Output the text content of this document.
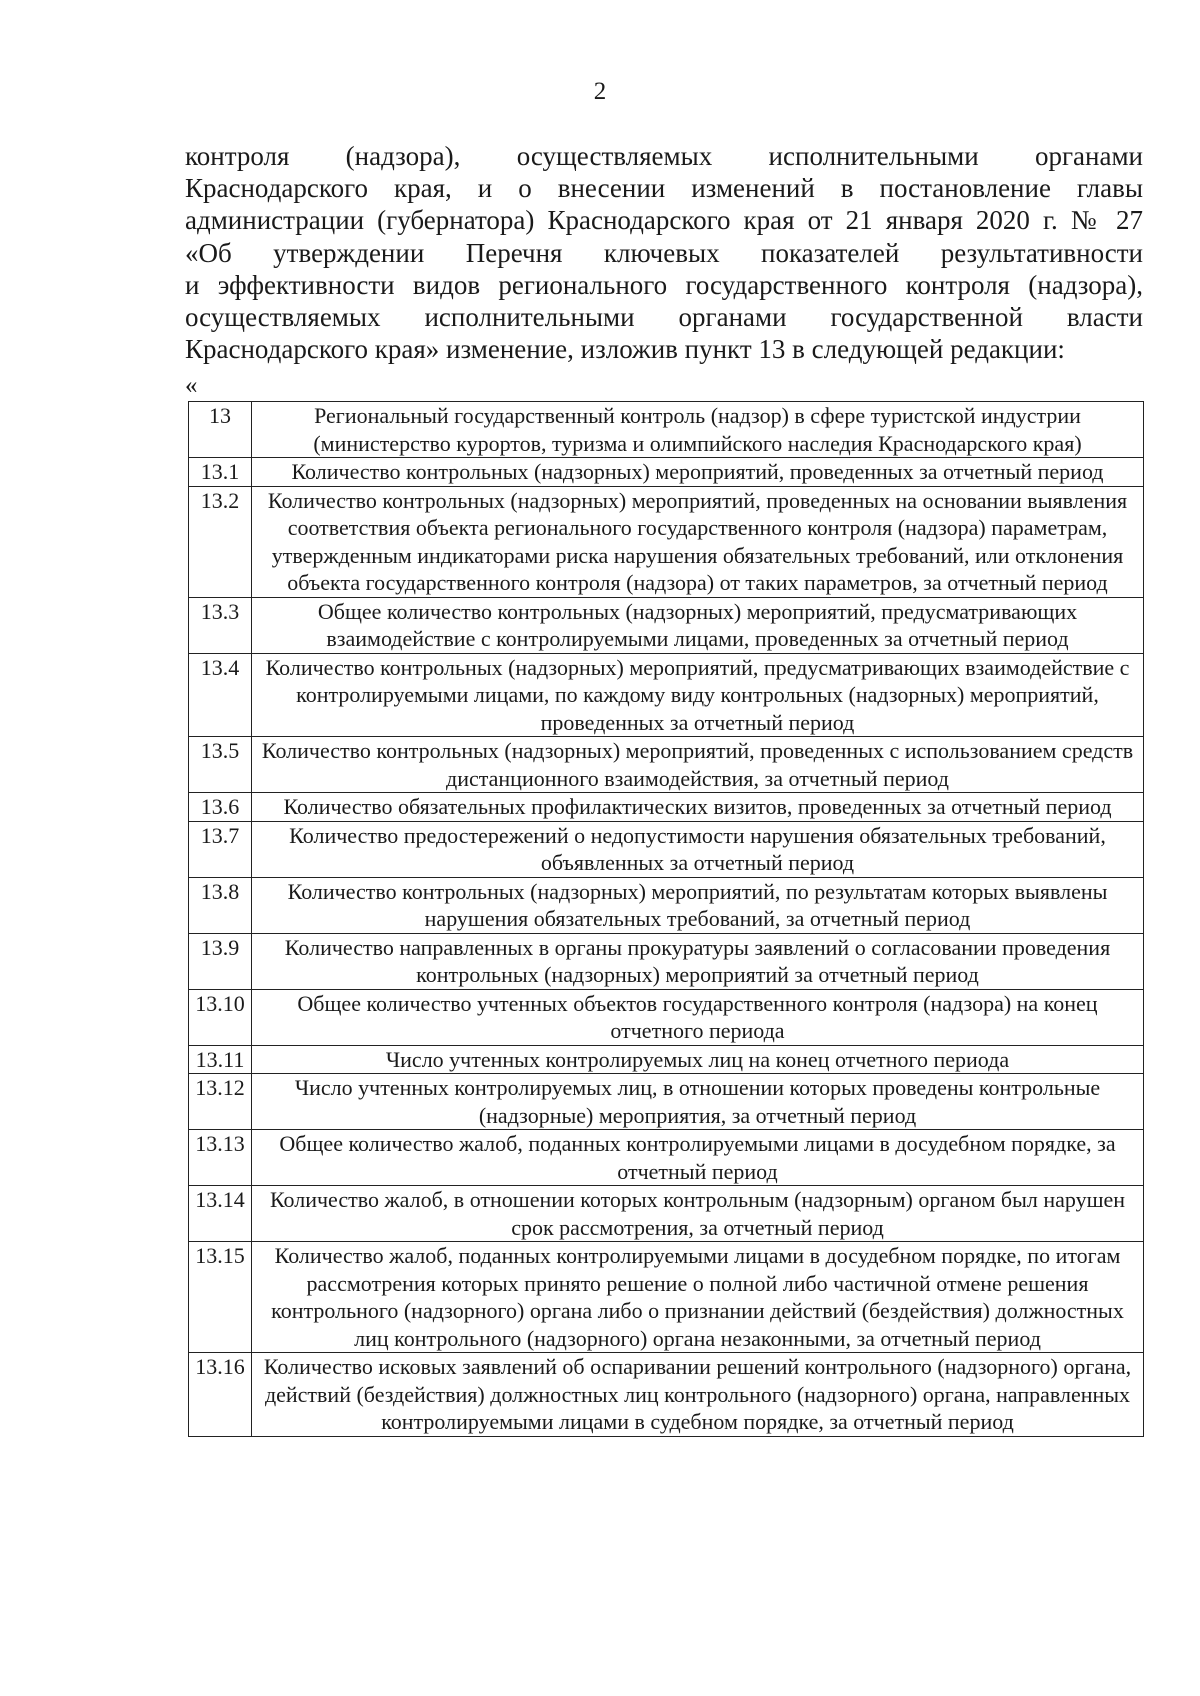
2
контроля (надзора), осуществляемых исполнительными органами
Краснодарского края, и о внесении изменений в постановление главы
администрации (губернатора) Краснодарского края от 21 января 2020 г. № 27
«Об утверждении Перечня ключевых показателей результативности
и эффективности видов регионального государственного контроля (надзора),
осуществляемых исполнительными органами государственной власти
Краснодарского края» изменение, изложив пункт 13 в следующей редакции:
«
13	Региональный государственный контроль (надзор) в сфере туристской индустрии (министерство курортов, туризма и олимпийского наследия Краснодарского края)
13.1	Количество контрольных (надзорных) мероприятий, проведенных за отчетный период
13.2	Количество контрольных (надзорных) мероприятий, проведенных на основании выявления соответствия объекта регионального государственного контроля (надзора) параметрам, утвержденным индикаторами риска нарушения обязательных требований, или отклонения объекта государственного контроля (надзора) от таких параметров, за отчетный период
13.3	Общее количество контрольных (надзорных) мероприятий, предусматривающих взаимодействие с контролируемыми лицами, проведенных за отчетный период
13.4	Количество контрольных (надзорных) мероприятий, предусматривающих взаимодействие с контролируемыми лицами, по каждому виду контрольных (надзорных) мероприятий, проведенных за отчетный период
13.5	Количество контрольных (надзорных) мероприятий, проведенных с использованием средств дистанционного взаимодействия, за отчетный период
13.6	Количество обязательных профилактических визитов, проведенных за отчетный период
13.7	Количество предостережений о недопустимости нарушения обязательных требований, объявленных за отчетный период
13.8	Количество контрольных (надзорных) мероприятий, по результатам которых выявлены нарушения обязательных требований, за отчетный период
13.9	Количество направленных в органы прокуратуры заявлений о согласовании проведения контрольных (надзорных) мероприятий за отчетный период
13.10	Общее количество учтенных объектов государственного контроля (надзора) на конец отчетного периода
13.11	Число учтенных контролируемых лиц на конец отчетного периода
13.12	Число учтенных контролируемых лиц, в отношении которых проведены контрольные (надзорные) мероприятия, за отчетный период
13.13	Общее количество жалоб, поданных контролируемыми лицами в досудебном порядке, за отчетный период
13.14	Количество жалоб, в отношении которых контрольным (надзорным) органом был нарушен срок рассмотрения, за отчетный период
13.15	Количество жалоб, поданных контролируемыми лицами в досудебном порядке, по итогам рассмотрения которых принято решение о полной либо частичной отмене решения контрольного (надзорного) органа либо о признании действий (бездействия) должностных лиц контрольного (надзорного) органа незаконными, за отчетный период
13.16	Количество исковых заявлений об оспаривании решений контрольного (надзорного) органа, действий (бездействия) должностных лиц контрольного (надзорного) органа, направленных контролируемыми лицами в судебном порядке, за отчетный период
